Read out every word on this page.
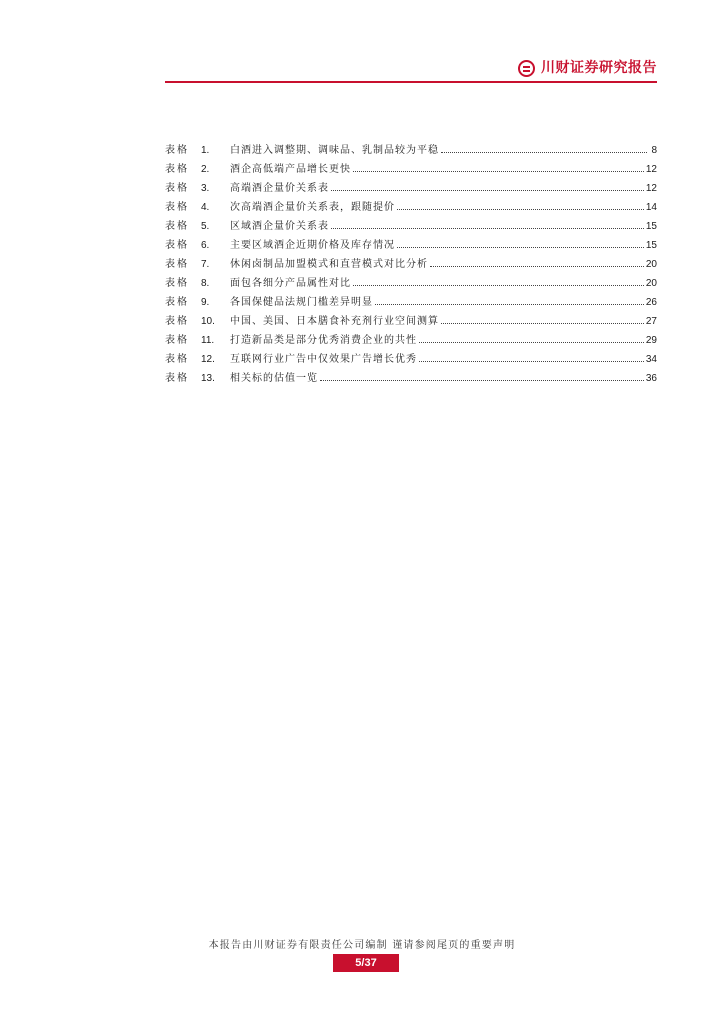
川财证券研究报告
表格	1.	白酒进入调整期、调味品、乳制品较为平稳	8
表格	2.	酒企高低端产品增长更快	12
表格	3.	高端酒企量价关系表	12
表格	4.	次高端酒企量价关系表，跟随提价	14
表格	5.	区域酒企量价关系表	15
表格	6.	主要区域酒企近期价格及库存情况	15
表格	7.	休闲卤制品加盟模式和直营模式对比分析	20
表格	8.	面包各细分产品属性对比	20
表格	9.	各国保健品法规门槛差异明显	26
表格	10.	中国、美国、日本膳食补充剂行业空间测算	27
表格	11.	打造新品类是部分优秀消费企业的共性	29
表格	12.	互联网行业广告中仅效果广告增长优秀	34
表格	13.	相关标的估值一览	36
本报告由川财证券有限责任公司编制 谨请参阅尾页的重要声明
5/37
